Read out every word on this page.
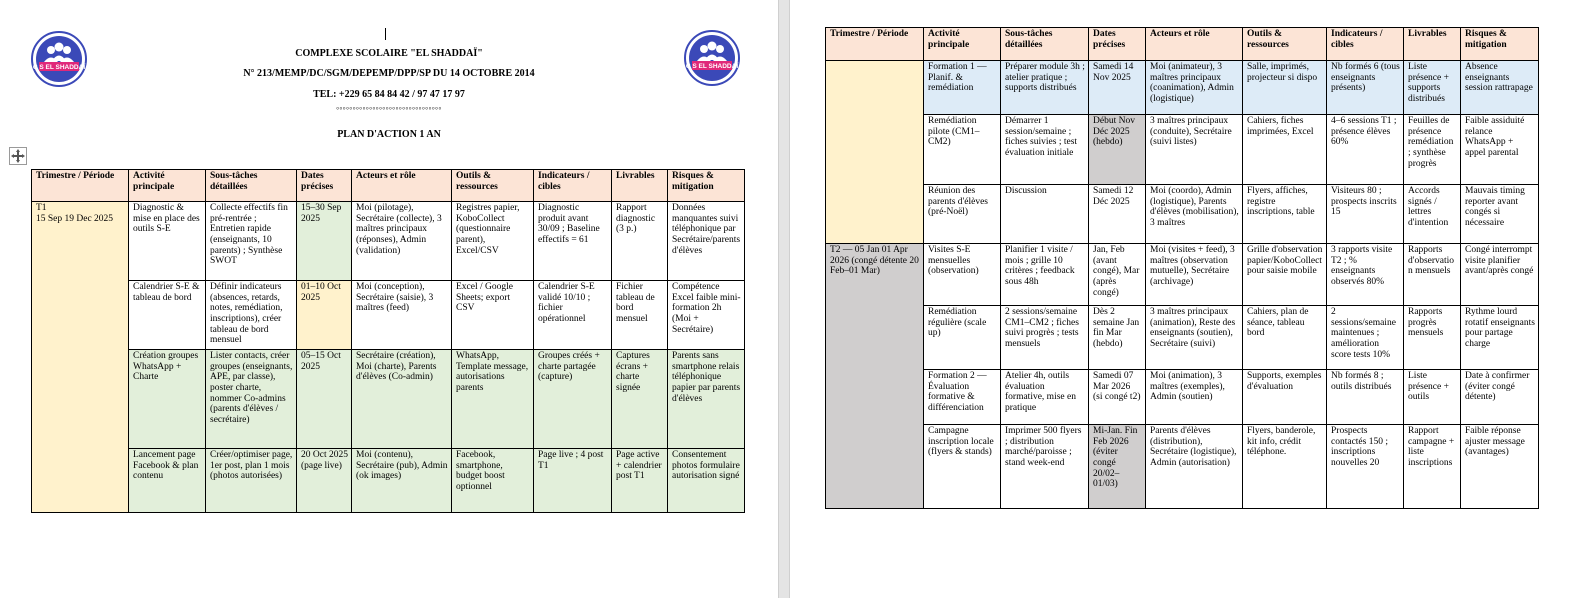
C S EL SHADDAÏ	C S EL SHADDAÏ
COMPLEXE SCOLAIRE "EL SHADDAÏ"
N° 213/MEMP/DC/SGM/DEPEMP/DPP/SP DU 14 OCTOBRE 2014
TEL: +229 65 84 84 42 / 97 47 17 97
°°°°°°°°°°°°°°°°°°°°°°°°°°°°°°°°
PLAN D'ACTION 1 AN
Trimestre / Période	Activité principale	Sous-tâches détaillées	Dates précises	Acteurs et rôle	Outils & ressources	Indicateurs / cibles	Livrables	Risques & mitigation
T1
15 Sep 19 Dec 2025	Diagnostic & mise en place des outils S-E	Collecte effectifs fin pré-rentrée ; Entretien rapide (enseignants, 10 parents) ; Synthèse SWOT	15–30 Sep 2025	Moi (pilotage), Secrétaire (collecte), 3 maîtres principaux (réponses), Admin (validation)	Registres papier, KoboCollect (questionnaire parent), Excel/CSV	Diagnostic produit avant 30/09 ; Baseline effectifs = 61	Rapport diagnostic (3 p.)	Données manquantes suivi téléphonique par Secrétaire/parents d'élèves
	Calendrier S-E & tableau de bord	Définir indicateurs (absences, retards, notes, remédiation, inscriptions), créer tableau de bord mensuel	01–10 Oct 2025	Moi (conception), Secrétaire (saisie), 3 maîtres (feed)	Excel / Google Sheets; export CSV	Calendrier S-E validé 10/10 ; fichier opérationnel	Fichier tableau de bord mensuel	Compétence Excel faible mini-formation 2h (Moi + Secrétaire)
	Création groupes WhatsApp + Charte	Lister contacts, créer groupes (enseignants, APE, par classe), poster charte, nommer Co-admins (parents d'élèves / secrétaire)	05–15 Oct 2025	Secrétaire (création), Moi (charte), Parents d'élèves (Co-admin)	WhatsApp, Template message, autorisations parents	Groupes créés + charte partagée (capture)	Captures écrans + charte signée	Parents sans smartphone relais téléphonique papier par parents d'élèves
	Lancement page Facebook & plan contenu	Créer/optimiser page, 1er post, plan 1 mois (photos autorisées)	20 Oct 2025 (page live)	Moi (contenu), Secrétaire (pub), Admin (ok images)	Facebook, smartphone, budget boost optionnel	Page live ; 4 post T1	Page active + calendrier post T1	Consentement photos formulaire autorisation signé
Trimestre / Période	Activité principale	Sous-tâches détaillées	Dates précises	Acteurs et rôle	Outils & ressources	Indicateurs / cibles	Livrables	Risques & mitigation
	Formation 1 — Planif. & remédiation	Préparer module 3h ; atelier pratique ; supports distribués	Samedi 14 Nov 2025	Moi (animateur), 3 maîtres principaux (coanimation), Admin (logistique)	Salle, imprimés, projecteur si dispo	Nb formés 6 (tous enseignants présents)	Liste présence + supports distribués	Absence enseignants session rattrapage
	Remédiation pilote (CM1–CM2)	Démarrer 1 session/semaine ; fiches suivies ; test évaluation initiale	Début Nov Déc 2025 (hebdo)	3 maîtres principaux (conduite), Secrétaire (suivi listes)	Cahiers, fiches imprimées, Excel	4–6 sessions T1 ; présence élèves 60%	Feuilles de présence remédiation ; synthèse progrès	Faible assiduité relance WhatsApp + appel parental
	Réunion des parents d'élèves (pré-Noël)	Discussion	Samedi 12 Déc 2025	Moi (coordo), Admin (logistique), Parents d'élèves (mobilisation), 3 maîtres	Flyers, affiches, registre inscriptions, table	Visiteurs 80 ; prospects inscrits 15	Accords signés / lettres d'intention	Mauvais timing reporter avant congés si nécessaire
T2 — 05 Jan 01 Apr 2026 (congé détente 20 Feb–01 Mar)	Visites S-E mensuelles (observation)	Planifier 1 visite / mois ; grille 10 critères ; feedback sous 48h	Jan, Feb (avant congé), Mar (après congé)	Moi (visites + feed), 3 maîtres (observation mutuelle), Secrétaire (archivage)	Grille d'observation papier/KoboCollect pour saisie mobile	3 rapports visite T2 ; % enseignants observés 80%	Rapports d'observation mensuels	Congé interrompt visite planifier avant/après congé
	Remédiation régulière (scale up)	2 sessions/semaine CM1–CM2 ; fiches suivi progrès ; tests mensuels	Dès 2 semaine Jan fin Mar (hebdo)	3 maîtres principaux (animation), Reste des enseignants (soutien), Secrétaire (suivi)	Cahiers, plan de séance, tableau bord	2 sessions/semaine maintenues ; amélioration score tests 10%	Rapports progrès mensuels	Rythme lourd rotatif enseignants pour partage charge
	Formation 2 — Évaluation formative & différenciation	Atelier 4h, outils évaluation formative, mise en pratique	Samedi 07 Mar 2026 (si congé t2)	Moi (animation), 3 maîtres (exemples), Admin (soutien)	Supports, exemples d'évaluation	Nb formés 8 ; outils distribués	Liste présence + outils	Date à confirmer (éviter congé détente)
	Campagne inscription locale (flyers & stands)	Imprimer 500 flyers ; distribution marché/paroisse ; stand week-end	Mi-Jan. Fin Feb 2026 (éviter congé 20/02–01/03)	Parents d'élèves (distribution), Secrétaire (logistique), Admin (autorisation)	Flyers, banderole, kit info, crédit téléphone.	Prospects contactés 150 ; inscriptions nouvelles 20	Rapport campagne + liste inscriptions	Faible réponse ajuster message (avantages)
